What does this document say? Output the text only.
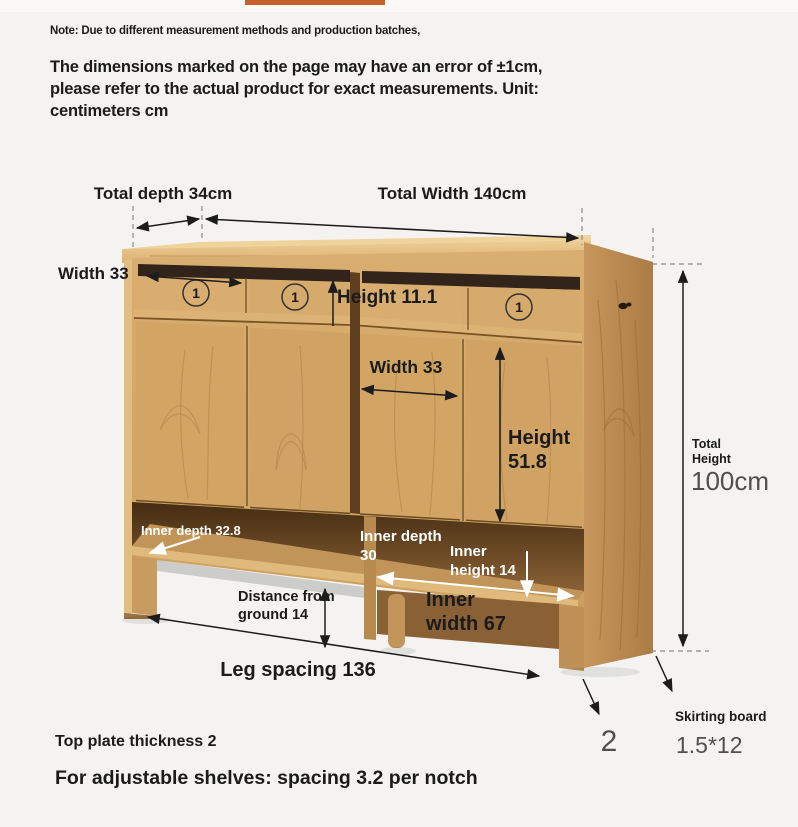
1	1
1
Note: Due to different measurement methods and production batches,
The dimensions marked on the page may have an error of ±1cm,
please refer to the actual product for exact measurements. Unit:
centimeters cm
Total depth 34cm	Total Width 140cm
Width 33
Height 11.1
Width 33
Height
51.8
Total
Height
100cm
Inner depth 32.8	Inner depth
30	Inner
height 14
Distance from
ground 14
Inner
width 67
Leg spacing 136
2
Skirting board
1.5*12
Top plate thickness 2
For adjustable shelves: spacing 3.2 per notch
